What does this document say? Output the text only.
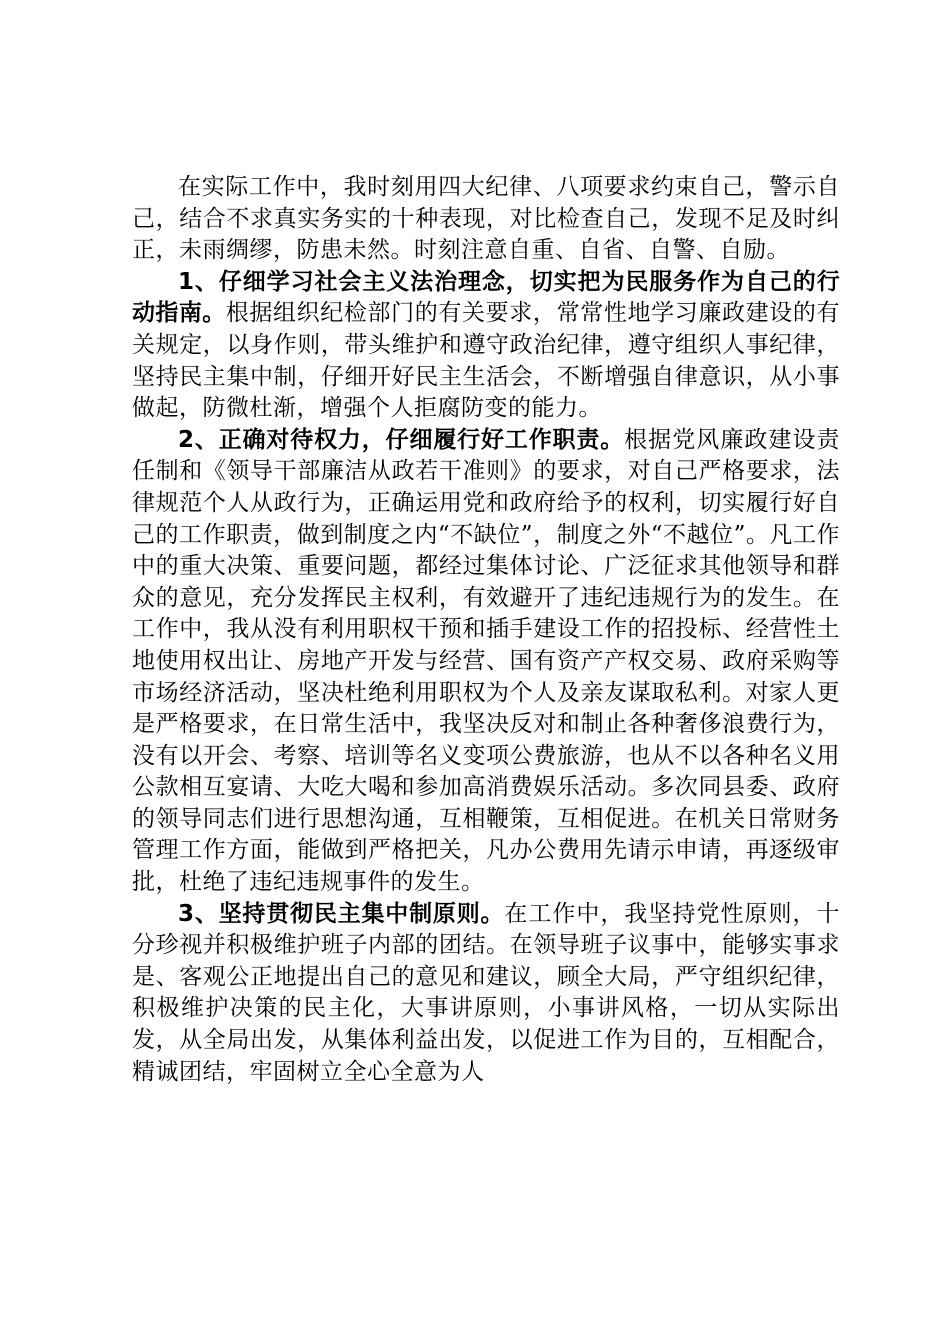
在实际工作中，我时刻用四大纪律、八项要求约束自己，警示自己，结合不求真实务实的十种表现，对比检查自己，发现不足及时纠正，未雨绸缪，防患未然。时刻注意自重、自省、自警、自励。

1、仔细学习社会主义法治理念，切实把为民服务作为自己的行动指南。根据组织纪检部门的有关要求，常常性地学习廉政建设的有关规定，以身作则，带头维护和遵守政治纪律，遵守组织人事纪律，坚持民主集中制，仔细开好民主生活会，不断增强自律意识，从小事做起，防微杜渐，增强个人拒腐防变的能力。

2、正确对待权力，仔细履行好工作职责。根据党风廉政建设责任制和《领导干部廉洁从政若干准则》的要求，对自己严格要求，法律规范个人从政行为，正确运用党和政府给予的权利，切实履行好自己的工作职责，做到制度之内“不缺位”，制度之外“不越位”。凡工作中的重大决策、重要问题，都经过集体讨论、广泛征求其他领导和群众的意见，充分发挥民主权利，有效避开了违纪违规行为的发生。在工作中，我从没有利用职权干预和插手建设工作的招投标、经营性土地使用权出让、房地产开发与经营、国有资产产权交易、政府采购等市场经济活动，坚决杜绝利用职权为个人及亲友谋取私利。对家人更是严格要求，在日常生活中，我坚决反对和制止各种奢侈浪费行为，没有以开会、考察、培训等名义变项公费旅游，也从不以各种名义用公款相互宴请、大吃大喝和参加高消费娱乐活动。多次同县委、政府的领导同志们进行思想沟通，互相鞭策，互相促进。在机关日常财务管理工作方面，能做到严格把关，凡办公费用先请示申请，再逐级审批，杜绝了违纪违规事件的发生。

3、坚持贯彻民主集中制原则。在工作中，我坚持党性原则，十分珍视并积极维护班子内部的团结。在领导班子议事中，能够实事求是、客观公正地提出自己的意见和建议，顾全大局，严守组织纪律，积极维护决策的民主化，大事讲原则，小事讲风格，一切从实际出发，从全局出发，从集体利益出发，以促进工作为目的，互相配合，精诚团结，牢固树立全心全意为人
